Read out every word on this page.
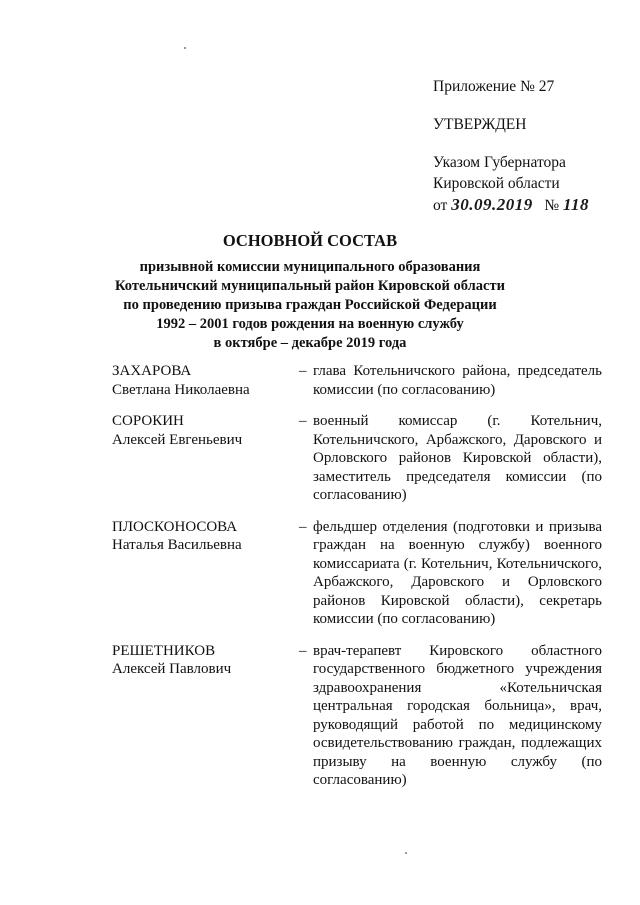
Приложение № 27
УТВЕРЖДЕН
Указом Губернатора
Кировской области
от 30.09.2019 № 118
ОСНОВНОЙ СОСТАВ
призывной комиссии муниципального образования
Котельничский муниципальный район Кировской области
по проведению призыва граждан Российской Федерации
1992 – 2001 годов рождения на военную службу
в октябре – декабре 2019 года
ЗАХАРОВА
Светлана Николаевна
– глава Котельничского района, председатель комиссии (по согласованию)
СОРОКИН
Алексей Евгеньевич
– военный комиссар (г. Котельнич, Котельничского, Арбажского, Даровского и Орловского районов Кировской области), заместитель председателя комиссии (по согласованию)
ПЛОСКОНОСОВА
Наталья Васильевна
– фельдшер отделения (подготовки и призыва граждан на военную службу) военного комиссариата (г. Котельнич, Котельничского, Арбажского, Даровского и Орловского районов Кировской области), секретарь комиссии (по согласованию)
РЕШЕТНИКОВ
Алексей Павлович
– врач-терапевт Кировского областного государственного бюджетного учреждения здравоохранения «Котельничская центральная городская больница», врач, руководящий работой по медицинскому освидетельствованию граждан, подлежащих призыву на военную службу (по согласованию)
